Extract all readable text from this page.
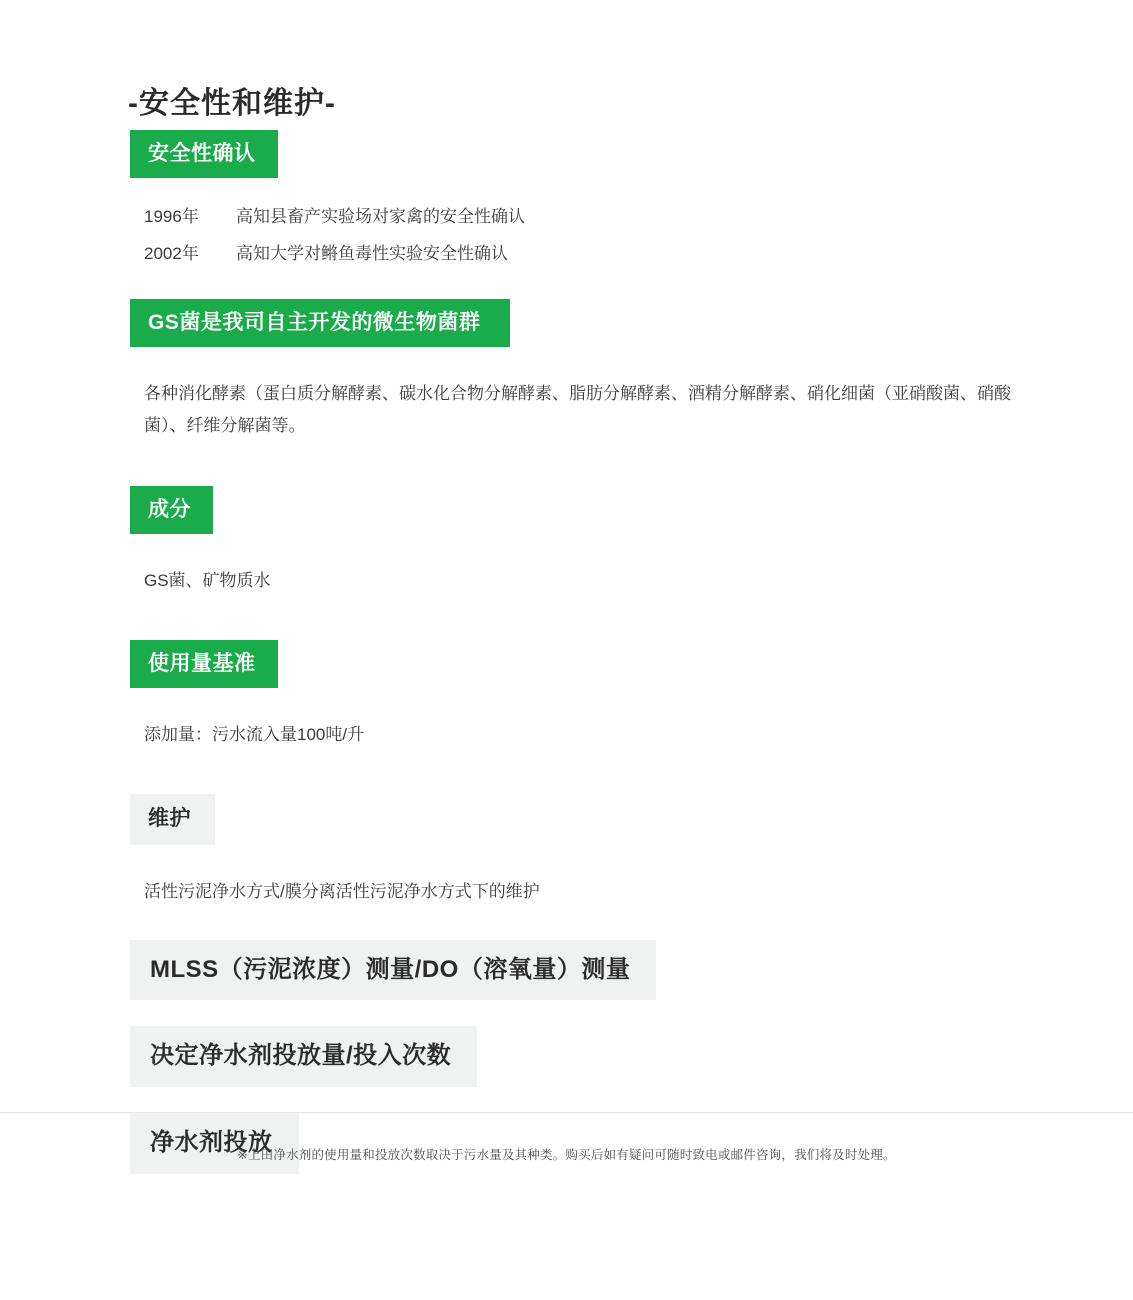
-安全性和维护-
安全性确认
1996年	高知县畜产实验场对家禽的安全性确认
2002年	高知大学对鳉鱼毒性实验安全性确认
GS菌是我司自主开发的微生物菌群

各种消化酵素（蛋白质分解酵素、碳水化合物分解酵素、脂肪分解酵素、酒精分解酵素、硝化细菌（亚硝酸菌、硝酸菌）、纤维分解菌等。

成分

GS菌、矿物质水

使用量基准

添加量：污水流入量100吨/升

维护

活性污泥净水方式/膜分离活性污泥净水方式下的维护

MLSS（污泥浓度）测量/DO（溶氧量）测量
决定净水剂投放量/投入次数
净水剂投放
※上田净水剂的使用量和投放次数取决于污水量及其种类。购买后如有疑问可随时致电或邮件咨询，我们将及时处理。
